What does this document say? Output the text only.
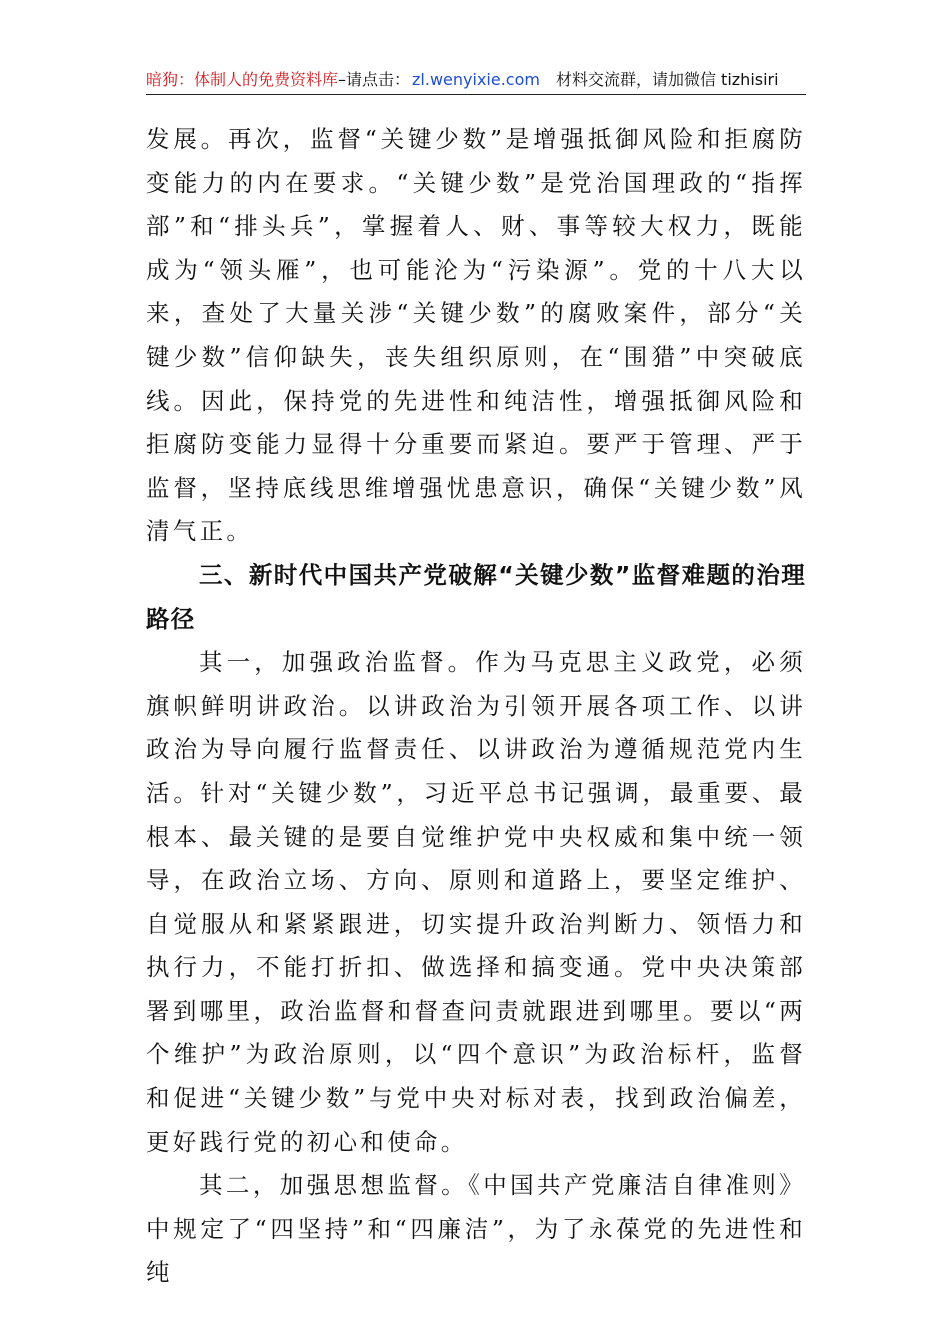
暗狗：体制人的免费资料库–请点击： zl.wenyixie.com 材料交流群，请加微信 tizhisiri

发展。再次，监督“关键少数”是增强抵御风险和拒腐防变能力的内在要求。“关键少数”是党治国理政的“指挥部”和“排头兵”，掌握着人、财、事等较大权力，既能成为“领头雁”，也可能沦为“污染源”。党的十八大以来，查处了大量关涉“关键少数”的腐败案件，部分“关键少数”信仰缺失，丧失组织原则，在“围猎”中突破底线。因此，保持党的先进性和纯洁性，增强抵御风险和拒腐防变能力显得十分重要而紧迫。要严于管理、严于监督，坚持底线思维增强忧患意识，确保“关键少数”风清气正。

三、新时代中国共产党破解“关键少数”监督难题的治理路径

其一，加强政治监督。作为马克思主义政党，必须旗帜鲜明讲政治。以讲政治为引领开展各项工作、以讲政治为导向履行监督责任、以讲政治为遵循规范党内生活。针对“关键少数”，习近平总书记强调，最重要、最根本、最关键的是要自觉维护党中央权威和集中统一领导，在政治立场、方向、原则和道路上，要坚定维护、自觉服从和紧紧跟进，切实提升政治判断力、领悟力和执行力，不能打折扣、做选择和搞变通。党中央决策部署到哪里，政治监督和督查问责就跟进到哪里。要以“两个维护”为政治原则，以“四个意识”为政治标杆，监督和促进“关键少数”与党中央对标对表，找到政治偏差，更好践行党的初心和使命。

其二，加强思想监督。《中国共产党廉洁自律准则》中规定了“四坚持”和“四廉洁”，为了永葆党的先进性和纯
